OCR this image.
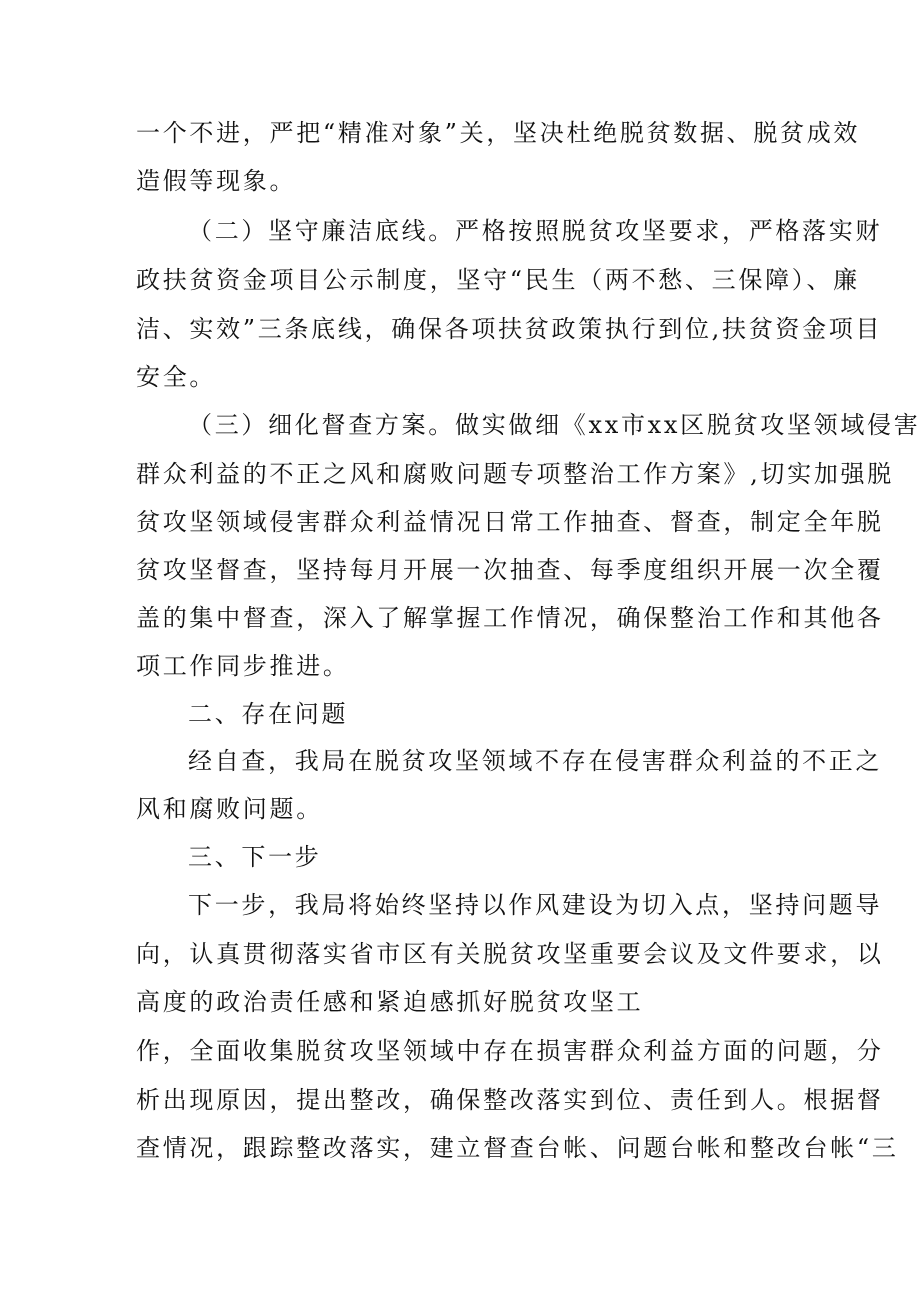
一个不进，严把“精准对象”关，坚决杜绝脱贫数据、脱贫成效
造假等现象。
（二）坚守廉洁底线。严格按照脱贫攻坚要求，严格落实财
政扶贫资金项目公示制度，坚守“民生（两不愁、三保障）、廉
洁、实效”三条底线，确保各项扶贫政策执行到位,扶贫资金项目
安全。
（三）细化督查方案。做实做细《xx市xx区脱贫攻坚领域侵害
群众利益的不正之风和腐败问题专项整治工作方案》,切实加强脱
贫攻坚领域侵害群众利益情况日常工作抽查、督查，制定全年脱
贫攻坚督查，坚持每月开展一次抽查、每季度组织开展一次全覆
盖的集中督查，深入了解掌握工作情况，确保整治工作和其他各
项工作同步推进。
二、存在问题
经自查，我局在脱贫攻坚领域不存在侵害群众利益的不正之
风和腐败问题。
三、下一步
下一步，我局将始终坚持以作风建设为切入点，坚持问题导
向，认真贯彻落实省市区有关脱贫攻坚重要会议及文件要求，以
高度的政治责任感和紧迫感抓好脱贫攻坚工
作，全面收集脱贫攻坚领域中存在损害群众利益方面的问题，分
析出现原因，提出整改，确保整改落实到位、责任到人。根据督
查情况，跟踪整改落实，建立督查台帐、问题台帐和整改台帐“三
